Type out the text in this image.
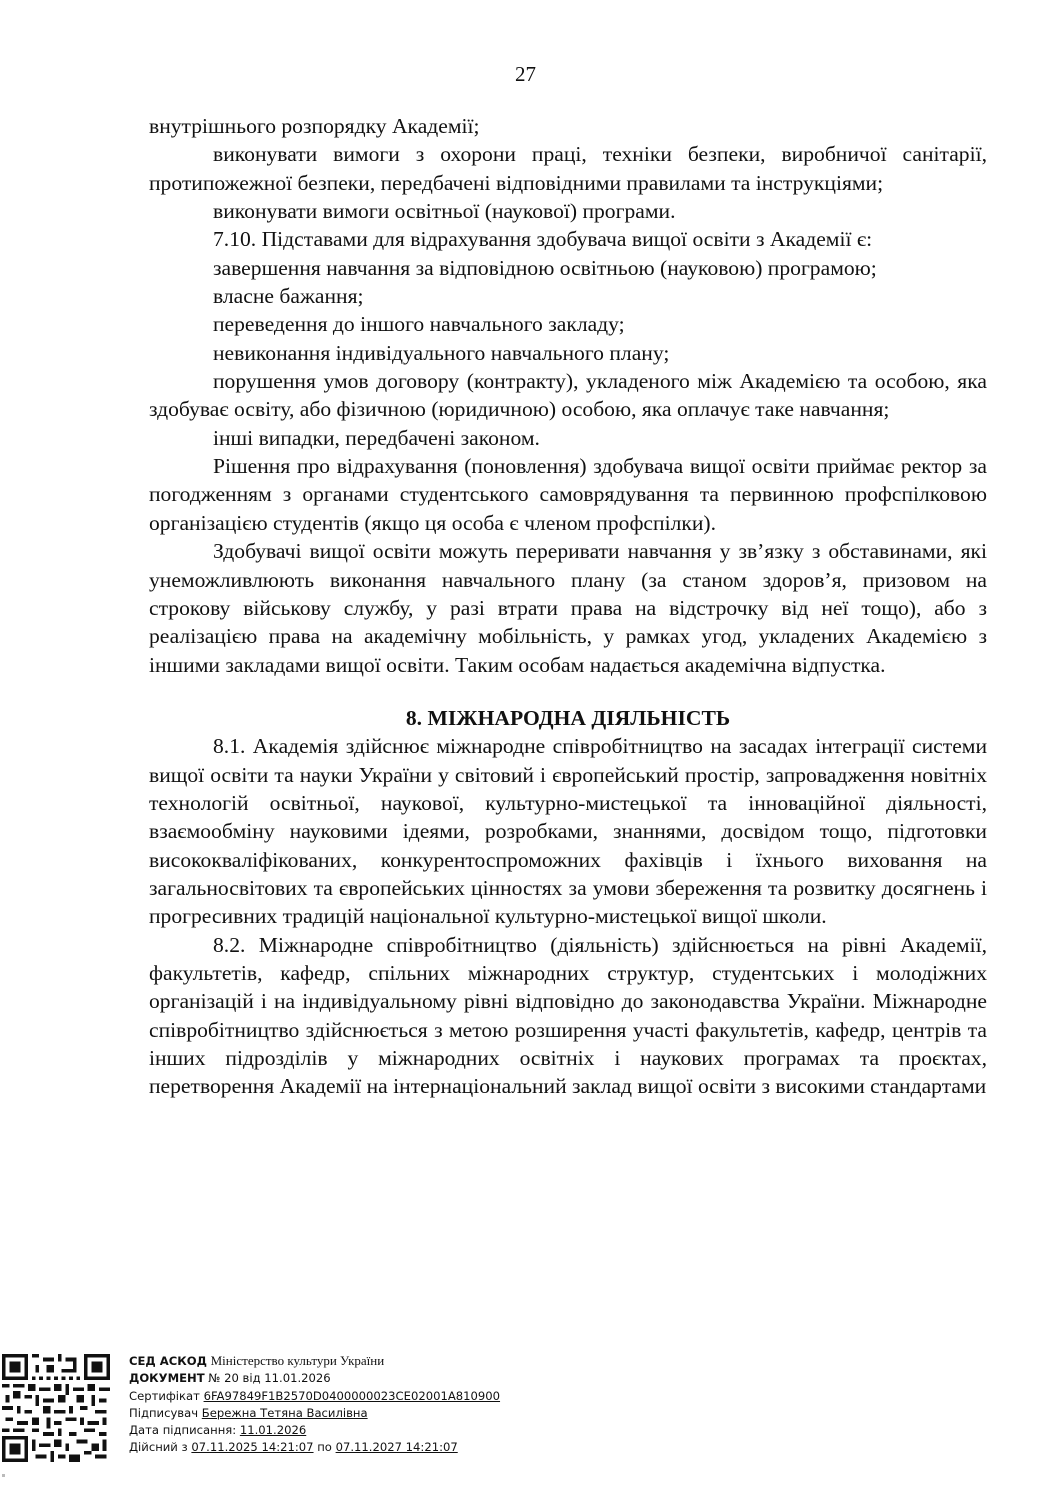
27

внутрішнього розпорядку Академії;

виконувати вимоги з охорони праці, техніки безпеки, виробничої санітарії, протипожежної безпеки, передбачені відповідними правилами та інструкціями;

виконувати вимоги освітньої (наукової) програми.

7.10. Підставами для відрахування здобувача вищої освіти з Академії є:

завершення навчання за відповідною освітньою (науковою) програмою;

власне бажання;

переведення до іншого навчального закладу;

невиконання індивідуального навчального плану;

порушення умов договору (контракту), укладеного між Академією та особою, яка здобуває освіту, або фізичною (юридичною) особою, яка оплачує таке навчання;

інші випадки, передбачені законом.

Рішення про відрахування (поновлення) здобувача вищої освіти приймає ректор за погодженням з органами студентського самоврядування та первинною профспілковою організацією студентів (якщо ця особа є членом профспілки).

Здобувачі вищої освіти можуть переривати навчання у зв’язку з обставинами, які унеможливлюють виконання навчального плану (за станом здоров’я, призовом на строкову військову службу, у разі втрати права на відстрочку від неї тощо), або з реалізацією права на академічну мобільність, у рамках угод, укладених Академією з іншими закладами вищої освіти. Таким особам надається академічна відпустка.

8. МІЖНАРОДНА ДІЯЛЬНІСТЬ

8.1. Академія здійснює міжнародне співробітництво на засадах інтеграції системи вищої освіти та науки України у світовий і європейський простір, запровадження новітніх технологій освітньої, наукової, культурно-мистецької та інноваційної діяльності, взаємообміну науковими ідеями, розробками, знаннями, досвідом тощо, підготовки висококваліфікованих, конкурентоспроможних фахівців і їхнього виховання на загальносвітових та європейських цінностях за умови збереження та розвитку досягнень і прогресивних традицій національної культурно-мистецької вищої школи.

8.2. Міжнародне співробітництво (діяльність) здійснюється на рівні Академії, факультетів, кафедр, спільних міжнародних структур, студентських і молодіжних організацій і на індивідуальному рівні відповідно до законодавства України. Міжнародне співробітництво здійснюється з метою розширення участі факультетів, кафедр, центрів та інших підрозділів у міжнародних освітніх і наукових програмах та проєктах, перетворення Академії на інтернаціональний заклад вищої освіти з високими стандартами

СЕД АСКОД Міністерство культури України
ДОКУМЕНТ № 20 від 11.01.2026
Сертифікат 6FA97849F1B2570D0400000023CE02001A810900
Підписувач Бережна Тетяна Василівна
Дата підписання: 11.01.2026
Дійсний з 07.11.2025 14:21:07 по 07.11.2027 14:21:07
